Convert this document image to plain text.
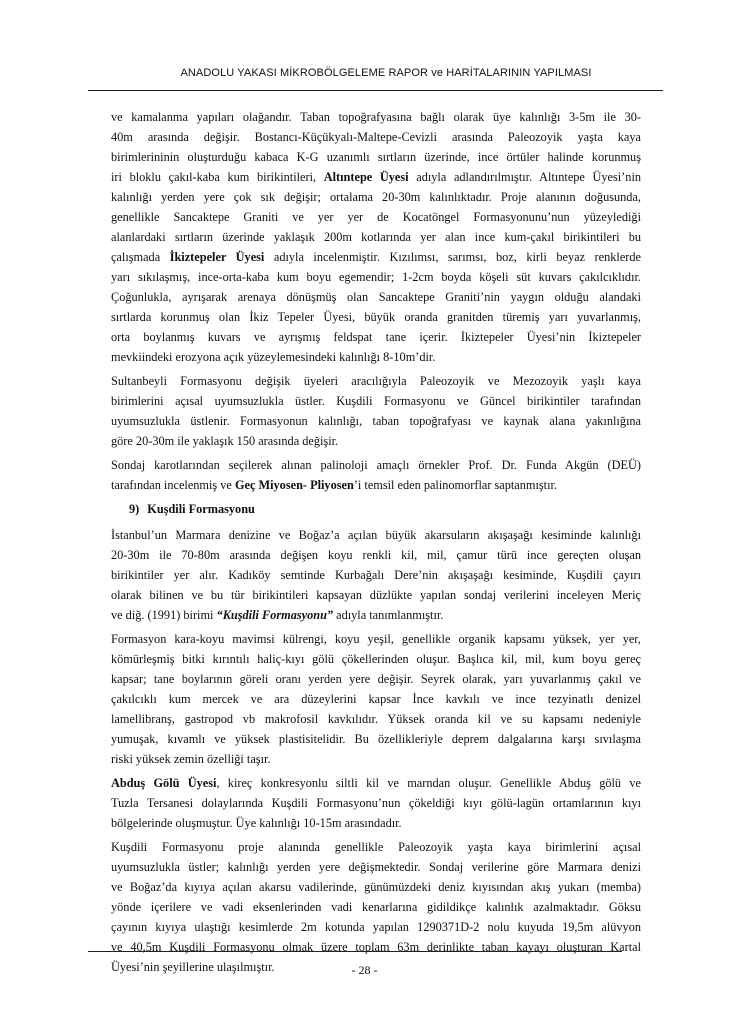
ANADOLU YAKASI MİKROBÖLGELEME RAPOR ve HARİTALARININ YAPILMASI

ve kamalanma yapıları olağandır. Taban topoğrafyasına bağlı olarak üye kalınlığı 3-5m ile 30-
40m arasında değişir. Bostancı-Küçükyalı-Maltepe-Cevizli arasında Paleozoyik yaşta kaya
birimlerininin oluşturduğu kabaca K-G uzanımlı sırtların üzerinde, ince örtüler halinde korunmuş
iri bloklu çakıl-kaba kum birikintileri, Altıntepe Üyesi adıyla adlandırılmıştır. Altıntepe Üyesi’nin
kalınlığı yerden yere çok sık değişir; ortalama 20-30m kalınlıktadır. Proje alanının doğusunda,
genellikle Sancaktepe Graniti ve yer yer de Kocatöngel Formasyonunu’nun yüzeylediği
alanlardaki sırtların üzerinde yaklaşık 200m kotlarında yer alan ince kum-çakıl birikintileri bu
çalışmada İkiztepeler Üyesi adıyla incelenmiştir. Kızılımsı, sarımsı, boz, kirli beyaz renklerde
yarı sıkılaşmış, ince-orta-kaba kum boyu egemendir; 1-2cm boyda köşeli süt kuvars çakılcıklıdır.
Çoğunlukla, ayrışarak arenaya dönüşmüş olan Sancaktepe Graniti’nin yaygın olduğu alandaki
sırtlarda korunmuş olan İkiz Tepeler Üyesi, büyük oranda granitden türemiş yarı yuvarlanmış,
orta boylanmış kuvars ve ayrışmış feldspat tane içerir. İkiztepeler Üyesi’nin İkiztepeler
mevkiindeki erozyona açık yüzeylemesindeki kalınlığı 8-10m’dir.

Sultanbeyli Formasyonu değişik üyeleri aracılığıyla Paleozoyik ve Mezozoyik yaşlı kaya
birimlerini açısal uyumsuzlukla üstler. Kuşdili Formasyonu ve Güncel birikintiler tarafından
uyumsuzlukla üstlenir. Formasyonun kalınlığı, taban topoğrafyası ve kaynak alana yakınlığına
göre 20-30m ile yaklaşık 150 arasında değişir.

Sondaj karotlarından seçilerek alınan palinoloji amaçlı örnekler Prof. Dr. Funda Akgün (DEÜ)
tarafından incelenmiş ve Geç Miyosen- Pliyosen’i temsil eden palinomorflar saptanmıştır.

9) Kuşdili Formasyonu

İstanbul’un Marmara denizine ve Boğaz’a açılan büyük akarsuların akışaşağı kesiminde kalınlığı
20-30m ile 70-80m arasında değişen koyu renkli kil, mil, çamur türü ince gereçten oluşan
birikintiler yer alır. Kadıköy semtinde Kurbağalı Dere’nin akışaşağı kesiminde, Kuşdili çayırı
olarak bilinen ve bu tür birikintileri kapsayan düzlükte yapılan sondaj verilerini inceleyen Meriç
ve diğ. (1991) birimi “Kuşdili Formasyonu” adıyla tanımlanmıştır.

Formasyon kara-koyu mavimsi külrengi, koyu yeşil, genellikle organik kapsamı yüksek, yer yer,
kömürleşmiş bitki kırıntılı haliç-kıyı gölü çökellerinden oluşur. Başlıca kil, mil, kum boyu gereç
kapsar; tane boylarının göreli oranı yerden yere değişir. Seyrek olarak, yarı yuvarlanmış çakıl ve
çakılcıklı kum mercek ve ara düzeylerini kapsar İnce kavkılı ve ince tezyinatlı denizel
lamellibranş, gastropod vb makrofosil kavkılıdır. Yüksek oranda kil ve su kapsamı nedeniyle
yumuşak, kıvamlı ve yüksek plastisitelidir. Bu özellikleriyle deprem dalgalarına karşı sıvılaşma
riski yüksek zemin özelliği taşır.

Abduş Gölü Üyesi, kireç konkresyonlu siltli kil ve marndan oluşur. Genellikle Abduş gölü ve
Tuzla Tersanesi dolaylarında Kuşdili Formasyonu’nun çökeldiği kıyı gölü-lagün ortamlarının kıyı
bölgelerinde oluşmuştur. Üye kalınlığı 10-15m arasındadır.

Kuşdili Formasyonu proje alanında genellikle Paleozoyik yaşta kaya birimlerini açısal
uyumsuzlukla üstler; kalınlığı yerden yere değişmektedir. Sondaj verilerine göre Marmara denizi
ve Boğaz’da kıyıya açılan akarsu vadilerinde, günümüzdeki deniz kıyısından akış yukarı (memba)
yönde içerilere ve vadi eksenlerinden vadi kenarlarına gidildikçe kalınlık azalmaktadır. Göksu
çayının kıyıya ulaştığı kesimlerde 2m kotunda yapılan 1290371D-2 nolu kuyuda 19,5m alüvyon
ve 40,5m Kuşdili Formasyonu olmak üzere toplam 63m derinlikte taban kayayı oluşturan Kartal
Üyesi’nin şeyillerine ulaşılmıştır.	- 28 -
